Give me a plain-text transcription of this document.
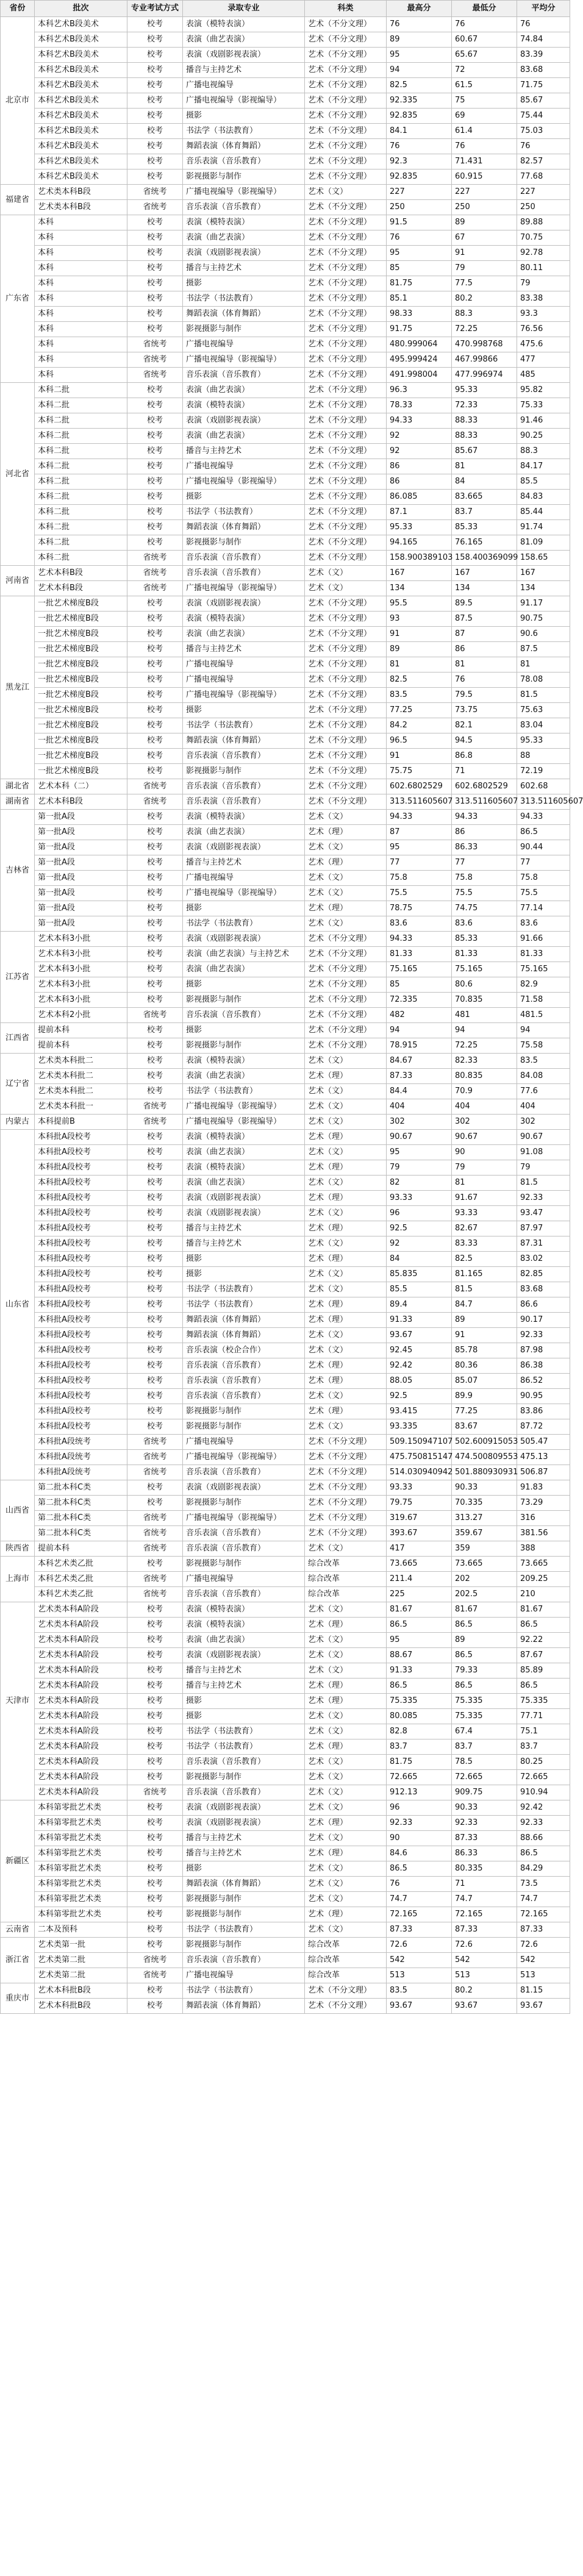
省份	批次	专业考试方式	录取专业	科类	最高分	最低分	平均分
北京市	本科艺术B段美术	校考	表演（模特表演）	艺术（不分文理）	76	76	76
	本科艺术B段美术	校考	表演（曲艺表演）	艺术（不分文理）	89	60.67	74.84
	本科艺术B段美术	校考	表演（戏剧影视表演）	艺术（不分文理）	95	65.67	83.39
	本科艺术B段美术	校考	播音与主持艺术	艺术（不分文理）	94	72	83.68
	本科艺术B段美术	校考	广播电视编导	艺术（不分文理）	82.5	61.5	71.75
	本科艺术B段美术	校考	广播电视编导（影视编导）	艺术（不分文理）	92.335	75	85.67
	本科艺术B段美术	校考	摄影	艺术（不分文理）	92.835	69	75.44
	本科艺术B段美术	校考	书法学（书法教育）	艺术（不分文理）	84.1	61.4	75.03
	本科艺术B段美术	校考	舞蹈表演（体育舞蹈）	艺术（不分文理）	76	76	76
	本科艺术B段美术	校考	音乐表演（音乐教育）	艺术（不分文理）	92.3	71.431	82.57
	本科艺术B段美术	校考	影视摄影与制作	艺术（不分文理）	92.835	60.915	77.68
福建省	艺术类本科B段	省统考	广播电视编导（影视编导）	艺术（文）	227	227	227
	艺术类本科B段	省统考	音乐表演（音乐教育）	艺术（不分文理）	250	250	250
广东省	本科	校考	表演（模特表演）	艺术（不分文理）	91.5	89	89.88
	本科	校考	表演（曲艺表演）	艺术（不分文理）	76	67	70.75
	本科	校考	表演（戏剧影视表演）	艺术（不分文理）	95	91	92.78
	本科	校考	播音与主持艺术	艺术（不分文理）	85	79	80.11
	本科	校考	摄影	艺术（不分文理）	81.75	77.5	79
	本科	校考	书法学（书法教育）	艺术（不分文理）	85.1	80.2	83.38
	本科	校考	舞蹈表演（体育舞蹈）	艺术（不分文理）	98.33	88.3	93.3
	本科	校考	影视摄影与制作	艺术（不分文理）	91.75	72.25	76.56
	本科	省统考	广播电视编导	艺术（不分文理）	480.999064	470.998768	475.6
	本科	省统考	广播电视编导（影视编导）	艺术（不分文理）	495.999424	467.99866	477
	本科	省统考	音乐表演（音乐教育）	艺术（不分文理）	491.998004	477.996974	485
河北省	本科二批	校考	表演（曲艺表演）	艺术（不分文理）	96.3	95.33	95.82
	本科二批	校考	表演（模特表演）	艺术（不分文理）	78.33	72.33	75.33
	本科二批	校考	表演（戏剧影视表演）	艺术（不分文理）	94.33	88.33	91.46
	本科二批	校考	表演（曲艺表演）	艺术（不分文理）	92	88.33	90.25
	本科二批	校考	播音与主持艺术	艺术（不分文理）	92	85.67	88.3
	本科二批	校考	广播电视编导	艺术（不分文理）	86	81	84.17
	本科二批	校考	广播电视编导（影视编导）	艺术（不分文理）	86	84	85.5
	本科二批	校考	摄影	艺术（不分文理）	86.085	83.665	84.83
	本科二批	校考	书法学（书法教育）	艺术（不分文理）	87.1	83.7	85.44
	本科二批	校考	舞蹈表演（体育舞蹈）	艺术（不分文理）	95.33	85.33	91.74
	本科二批	校考	影视摄影与制作	艺术（不分文理）	94.165	76.165	81.09
	本科二批	省统考	音乐表演（音乐教育）	艺术（不分文理）	158.900389103	158.400369099	158.65
河南省	艺术本科B段	省统考	音乐表演（音乐教育）	艺术（文）	167	167	167
	艺术本科B段	省统考	广播电视编导（影视编导）	艺术（文）	134	134	134
黑龙江	一批艺术梯度B段	校考	表演（戏剧影视表演）	艺术（不分文理）	95.5	89.5	91.17
	一批艺术梯度B段	校考	表演（模特表演）	艺术（不分文理）	93	87.5	90.75
	一批艺术梯度B段	校考	表演（曲艺表演）	艺术（不分文理）	91	87	90.6
	一批艺术梯度B段	校考	播音与主持艺术	艺术（不分文理）	89	86	87.5
	一批艺术梯度B段	校考	广播电视编导	艺术（不分文理）	81	81	81
	一批艺术梯度B段	校考	广播电视编导	艺术（不分文理）	82.5	76	78.08
	一批艺术梯度B段	校考	广播电视编导（影视编导）	艺术（不分文理）	83.5	79.5	81.5
	一批艺术梯度B段	校考	摄影	艺术（不分文理）	77.25	73.75	75.63
	一批艺术梯度B段	校考	书法学（书法教育）	艺术（不分文理）	84.2	82.1	83.04
	一批艺术梯度B段	校考	舞蹈表演（体育舞蹈）	艺术（不分文理）	96.5	94.5	95.33
	一批艺术梯度B段	校考	音乐表演（音乐教育）	艺术（不分文理）	91	86.8	88
	一批艺术梯度B段	校考	影视摄影与制作	艺术（不分文理）	75.75	71	72.19
湖北省	艺术本科（二）	省统考	音乐表演（音乐教育）	艺术（不分文理）	602.6802529	602.6802529	602.68
湖南省	艺术本科B段	省统考	音乐表演（音乐教育）	艺术（不分文理）	313.511605607	313.511605607	313.511605607
吉林省	第一批A段	校考	表演（模特表演）	艺术（文）	94.33	94.33	94.33
	第一批A段	校考	表演（曲艺表演）	艺术（理）	87	86	86.5
	第一批A段	校考	表演（戏剧影视表演）	艺术（文）	95	86.33	90.44
	第一批A段	校考	播音与主持艺术	艺术（理）	77	77	77
	第一批A段	校考	广播电视编导	艺术（文）	75.8	75.8	75.8
	第一批A段	校考	广播电视编导（影视编导）	艺术（文）	75.5	75.5	75.5
	第一批A段	校考	摄影	艺术（理）	78.75	74.75	77.14
	第一批A段	校考	书法学（书法教育）	艺术（文）	83.6	83.6	83.6
江苏省	艺术本科3小批	校考	表演（戏剧影视表演）	艺术（不分文理）	94.33	85.33	91.66
	艺术本科3小批	校考	表演（曲艺表演）与主持艺术	艺术（不分文理）	81.33	81.33	81.33
	艺术本科3小批	校考	表演（曲艺表演）	艺术（不分文理）	75.165	75.165	75.165
	艺术本科3小批	校考	摄影	艺术（不分文理）	85	80.6	82.9
	艺术本科3小批	校考	影视摄影与制作	艺术（不分文理）	72.335	70.835	71.58
	艺术本科2小批	省统考	音乐表演（音乐教育）	艺术（不分文理）	482	481	481.5
江西省	提前本科	校考	摄影	艺术（不分文理）	94	94	94
	提前本科	校考	影视摄影与制作	艺术（不分文理）	78.915	72.25	75.58
辽宁省	艺术类本科批二	校考	表演（模特表演）	艺术（文）	84.67	82.33	83.5
	艺术类本科批二	校考	表演（曲艺表演）	艺术（理）	87.33	80.835	84.08
	艺术类本科批二	校考	书法学（书法教育）	艺术（文）	84.4	70.9	77.6
	艺术类本科批一	省统考	广播电视编导（影视编导）	艺术（文）	404	404	404
内蒙古	本科提前B	省统考	广播电视编导（影视编导）	艺术（文）	302	302	302
山东省	本科批A段校考	校考	表演（模特表演）	艺术（理）	90.67	90.67	90.67
	本科批A段校考	校考	表演（曲艺表演）	艺术（文）	95	90	91.08
	本科批A段校考	校考	表演（模特表演）	艺术（理）	79	79	79
	本科批A段校考	校考	表演（曲艺表演）	艺术（文）	82	81	81.5
	本科批A段校考	校考	表演（戏剧影视表演）	艺术（理）	93.33	91.67	92.33
	本科批A段校考	校考	表演（戏剧影视表演）	艺术（文）	96	93.33	93.47
	本科批A段校考	校考	播音与主持艺术	艺术（理）	92.5	82.67	87.97
	本科批A段校考	校考	播音与主持艺术	艺术（文）	92	83.33	87.31
	本科批A段校考	校考	摄影	艺术（理）	84	82.5	83.02
	本科批A段校考	校考	摄影	艺术（文）	85.835	81.165	82.85
	本科批A段校考	校考	书法学（书法教育）	艺术（文）	85.5	81.5	83.68
	本科批A段校考	校考	书法学（书法教育）	艺术（理）	89.4	84.7	86.6
	本科批A段校考	校考	舞蹈表演（体育舞蹈）	艺术（理）	91.33	89	90.17
	本科批A段校考	校考	舞蹈表演（体育舞蹈）	艺术（文）	93.67	91	92.33
	本科批A段校考	校考	音乐表演（校企合作）	艺术（文）	92.45	85.78	87.98
	本科批A段校考	校考	音乐表演（音乐教育）	艺术（理）	92.42	80.36	86.38
	本科批A段校考	校考	音乐表演（音乐教育）	艺术（理）	88.05	85.07	86.52
	本科批A段校考	校考	音乐表演（音乐教育）	艺术（文）	92.5	89.9	90.95
	本科批A段校考	校考	影视摄影与制作	艺术（理）	93.415	77.25	83.86
	本科批A段校考	校考	影视摄影与制作	艺术（文）	93.335	83.67	87.72
	本科批A段统考	省统考	广播电视编导	艺术（不分文理）	509.150947107	502.600915053	505.47
	本科批A段统考	省统考	广播电视编导（影视编导）	艺术（不分文理）	475.750815147	474.500809553	475.13
	本科批A段统考	省统考	音乐表演（音乐教育）	艺术（不分文理）	514.030940942	501.880930931	506.87
山西省	第二批本科C类	校考	表演（戏剧影视表演）	艺术（不分文理）	93.33	90.33	91.83
	第二批本科C类	校考	影视摄影与制作	艺术（不分文理）	79.75	70.335	73.29
	第二批本科C类	省统考	广播电视编导（影视编导）	艺术（不分文理）	319.67	313.27	316
	第二批本科C类	省统考	音乐表演（音乐教育）	艺术（不分文理）	393.67	359.67	381.56
陕西省	提前本科	省统考	音乐表演（音乐教育）	艺术（文）	417	359	388
上海市	本科艺术类乙批	校考	影视摄影与制作	综合改革	73.665	73.665	73.665
	本科艺术类乙批	省统考	广播电视编导	综合改革	211.4	202	209.25
	本科艺术类乙批	省统考	音乐表演（音乐教育）	综合改革	225	202.5	210
天津市	艺术类本科A阶段	校考	表演（模特表演）	艺术（文）	81.67	81.67	81.67
	艺术类本科A阶段	校考	表演（模特表演）	艺术（理）	86.5	86.5	86.5
	艺术类本科A阶段	校考	表演（曲艺表演）	艺术（文）	95	89	92.22
	艺术类本科A阶段	校考	表演（戏剧影视表演）	艺术（文）	88.67	86.5	87.67
	艺术类本科A阶段	校考	播音与主持艺术	艺术（文）	91.33	79.33	85.89
	艺术类本科A阶段	校考	播音与主持艺术	艺术（理）	86.5	86.5	86.5
	艺术类本科A阶段	校考	摄影	艺术（理）	75.335	75.335	75.335
	艺术类本科A阶段	校考	摄影	艺术（文）	80.085	75.335	77.71
	艺术类本科A阶段	校考	书法学（书法教育）	艺术（文）	82.8	67.4	75.1
	艺术类本科A阶段	校考	书法学（书法教育）	艺术（理）	83.7	83.7	83.7
	艺术类本科A阶段	校考	音乐表演（音乐教育）	艺术（文）	81.75	78.5	80.25
	艺术类本科A阶段	校考	影视摄影与制作	艺术（文）	72.665	72.665	72.665
	艺术类本科A阶段	省统考	音乐表演（音乐教育）	艺术（文）	912.13	909.75	910.94
新疆区	本科第零批艺术类	校考	表演（戏剧影视表演）	艺术（文）	96	90.33	92.42
	本科第零批艺术类	校考	表演（戏剧影视表演）	艺术（理）	92.33	92.33	92.33
	本科第零批艺术类	校考	播音与主持艺术	艺术（文）	90	87.33	88.66
	本科第零批艺术类	校考	播音与主持艺术	艺术（理）	84.6	86.33	86.5
	本科第零批艺术类	校考	摄影	艺术（文）	86.5	80.335	84.29
	本科第零批艺术类	校考	舞蹈表演（体育舞蹈）	艺术（文）	76	71	73.5
	本科第零批艺术类	校考	影视摄影与制作	艺术（文）	74.7	74.7	74.7
	本科第零批艺术类	校考	影视摄影与制作	艺术（理）	72.165	72.165	72.165
云南省	二本及预科	校考	书法学（书法教育）	艺术（文）	87.33	87.33	87.33
浙江省	艺术类第一批	校考	影视摄影与制作	综合改革	72.6	72.6	72.6
	艺术类第二批	省统考	音乐表演（音乐教育）	综合改革	542	542	542
	艺术类第二批	省统考	广播电视编导	综合改革	513	513	513
重庆市	艺术本科批B段	校考	书法学（书法教育）	艺术（不分文理）	83.5	80.2	81.15
	艺术本科批B段	校考	舞蹈表演（体育舞蹈）	艺术（不分文理）	93.67	93.67	93.67
